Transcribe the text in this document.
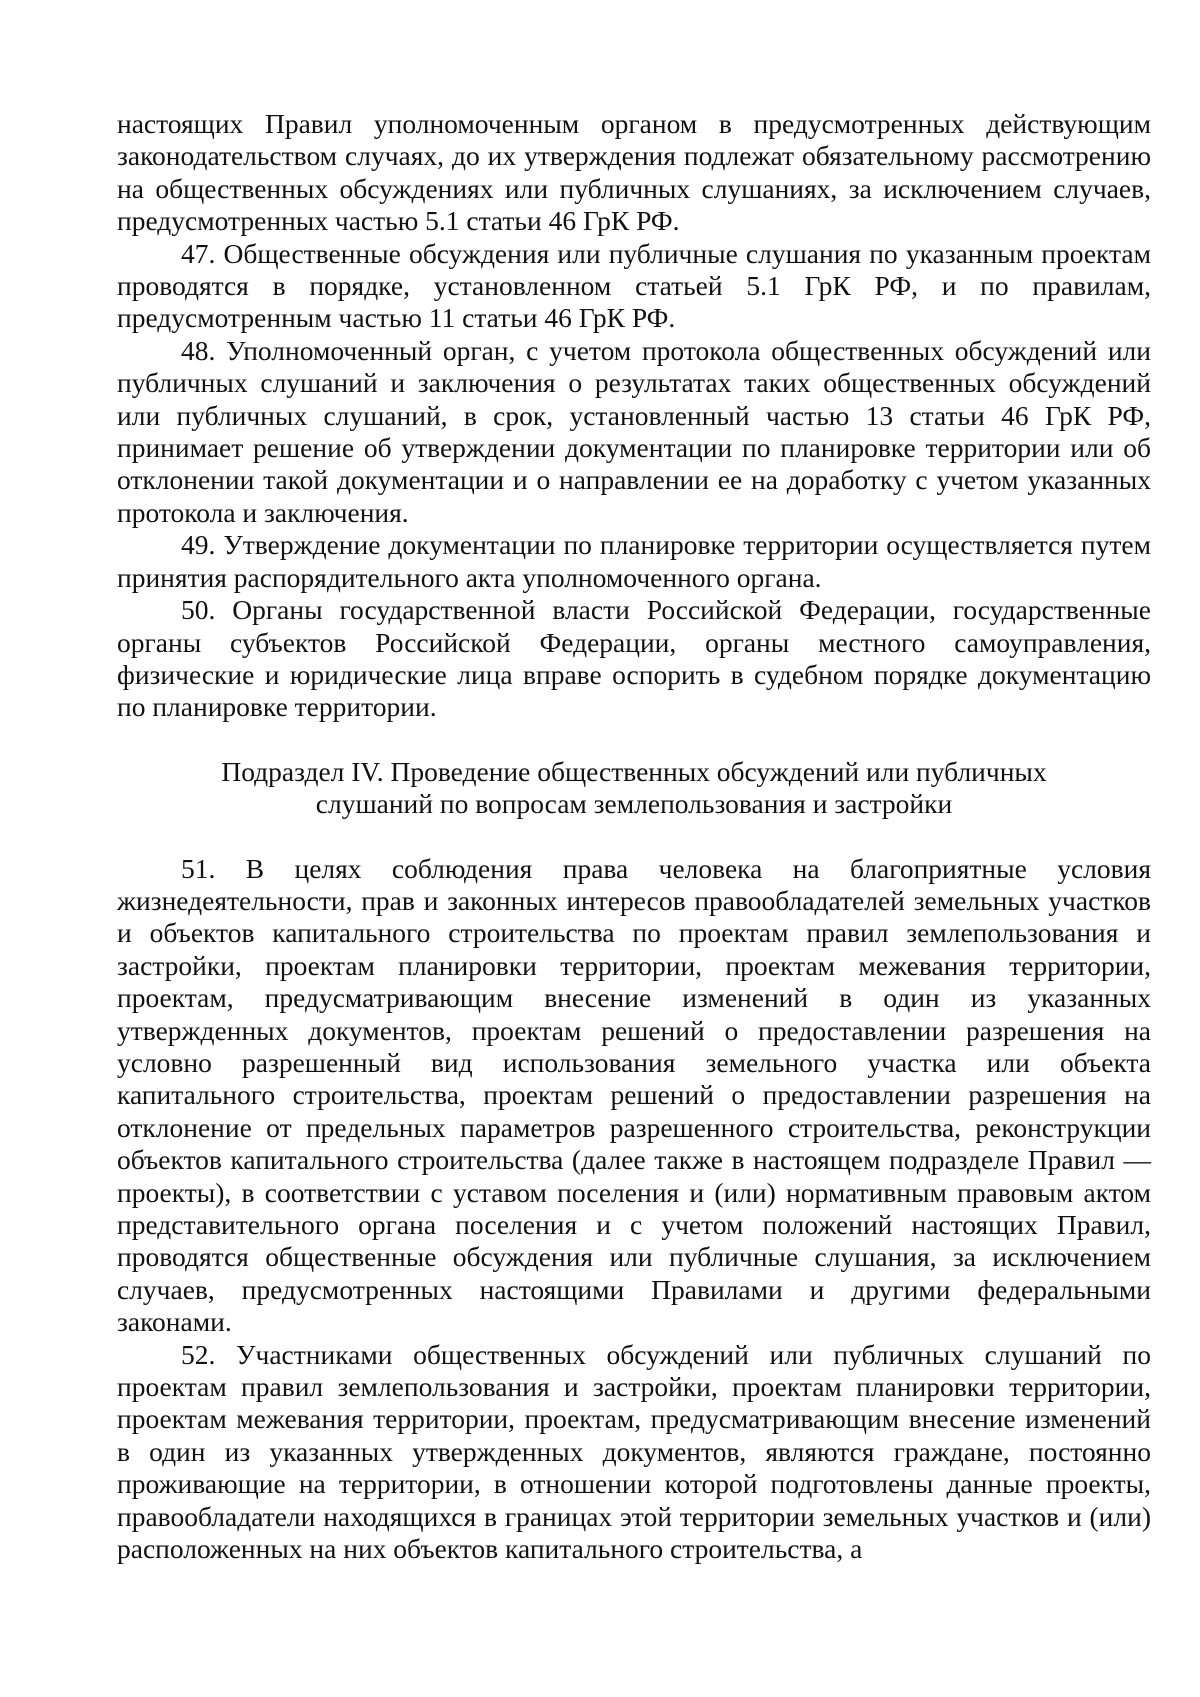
настоящих Правил уполномоченным органом в предусмотренных действующим законодательством случаях, до их утверждения подлежат обязательному рассмотрению на общественных обсуждениях или публичных слушаниях, за исключением случаев, предусмотренных частью 5.1 статьи 46 ГрК РФ.

47. Общественные обсуждения или публичные слушания по указанным проектам проводятся в порядке, установленном статьей 5.1 ГрК РФ, и по правилам, предусмотренным частью 11 статьи 46 ГрК РФ.

48. Уполномоченный орган, с учетом протокола общественных обсуждений или публичных слушаний и заключения о результатах таких общественных обсуждений или публичных слушаний, в срок, установленный частью 13 статьи 46 ГрК РФ, принимает решение об утверждении документации по планировке территории или об отклонении такой документации и о направлении ее на доработку с учетом указанных протокола и заключения.

49. Утверждение документации по планировке территории осуществляется путем принятия распорядительного акта уполномоченного органа.

50. Органы государственной власти Российской Федерации, государственные органы субъектов Российской Федерации, органы местного самоуправления, физические и юридические лица вправе оспорить в судебном порядке документацию по планировке территории.

Подраздел IV. Проведение общественных обсуждений или публичных
слушаний по вопросам землепользования и застройки

51. В целях соблюдения права человека на благоприятные условия жизнедеятельности, прав и законных интересов правообладателей земельных участков и объектов капитального строительства по проектам правил землепользования и застройки, проектам планировки территории, проектам межевания территории, проектам, предусматривающим внесение изменений в один из указанных утвержденных документов, проектам решений о предоставлении разрешения на условно разрешенный вид использования земельного участка или объекта капитального строительства, проектам решений о предоставлении разрешения на отклонение от предельных параметров разрешенного строительства, реконструкции объектов капитального строительства (далее также в настоящем подразделе Правил — проекты), в соответствии с уставом поселения и (или) нормативным правовым актом представительного органа поселения и с учетом положений настоящих Правил, проводятся общественные обсуждения или публичные слушания, за исключением случаев, предусмотренных настоящими Правилами и другими федеральными законами.

52. Участниками общественных обсуждений или публичных слушаний по проектам правил землепользования и застройки, проектам планировки территории, проектам межевания территории, проектам, предусматривающим внесение изменений в один из указанных утвержденных документов, являются граждане, постоянно проживающие на территории, в отношении которой подготовлены данные проекты, правообладатели находящихся в границах этой территории земельных участков и (или) расположенных на них объектов капитального строительства, а
